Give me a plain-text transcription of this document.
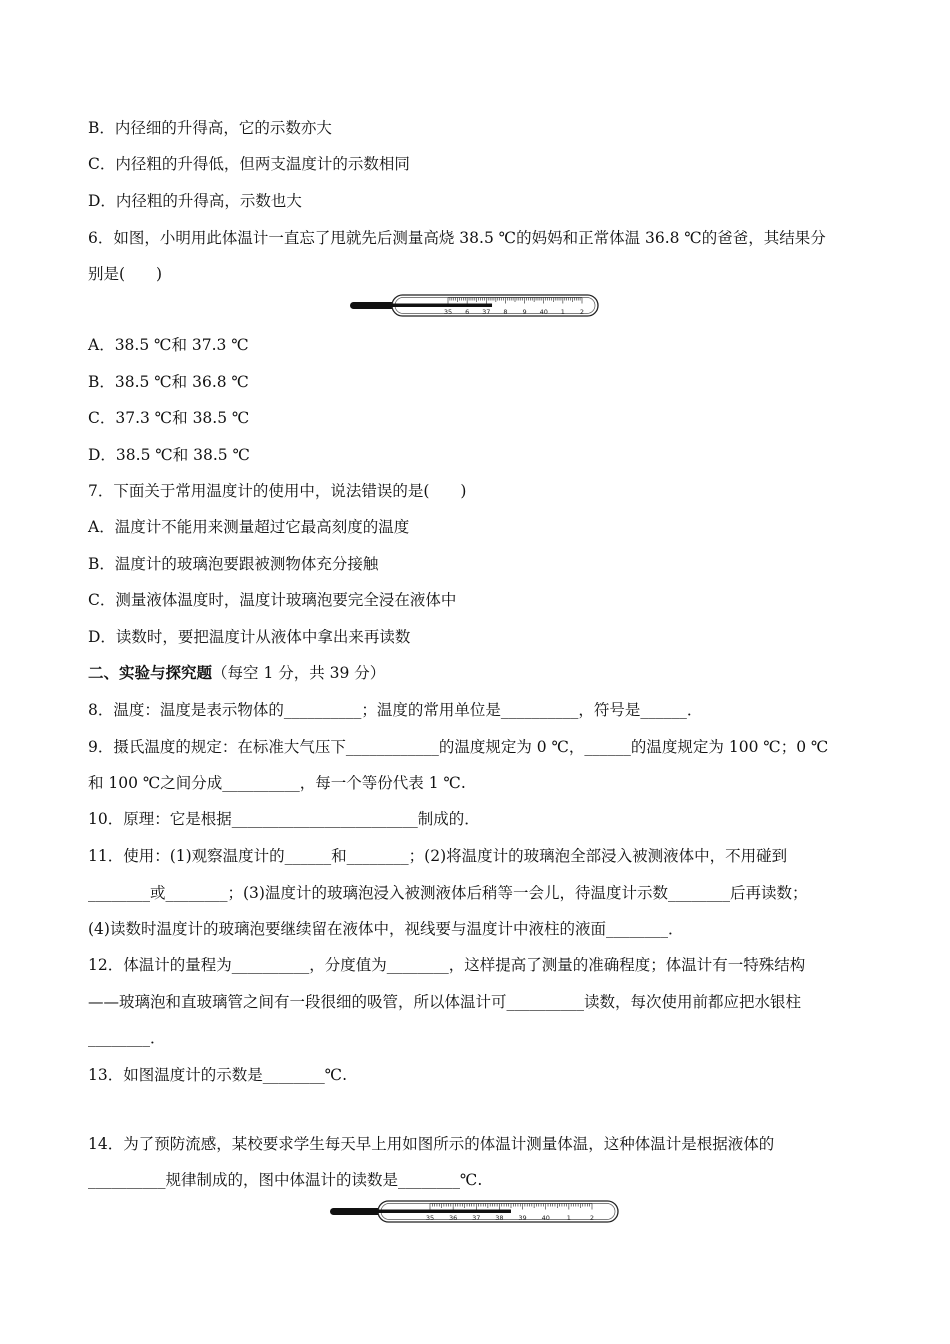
B．内径细的升得高，它的示数亦大
C．内径粗的升得低，但两支温度计的示数相同
D．内径粗的升得高，示数也大
6．如图，小明用此体温计一直忘了甩就先后测量高烧 38.5 ℃的妈妈和正常体温 36.8 ℃的爸爸，其结果分
别是(　　)
A．38.5 ℃和 37.3 ℃
B．38.5 ℃和 36.8 ℃
C．37.3 ℃和 38.5 ℃
D．38.5 ℃和 38.5 ℃
7．下面关于常用温度计的使用中，说法错误的是(　　)
A．温度计不能用来测量超过它最高刻度的温度
B．温度计的玻璃泡要跟被测物体充分接触
C．测量液体温度时，温度计玻璃泡要完全浸在液体中
D．读数时，要把温度计从液体中拿出来再读数
8．温度：温度是表示物体的__________；温度的常用单位是__________，符号是______．
9．摄氏温度的规定：在标准大气压下____________的温度规定为 0 ℃，______的温度规定为 100 ℃；0 ℃
和 100 ℃之间分成__________，每一个等份代表 1 ℃.
10．原理：它是根据________________________制成的．
11．使用：(1)观察温度计的______和________；(2)将温度计的玻璃泡全部浸入被测液体中，不用碰到
________或________；(3)温度计的玻璃泡浸入被测液体后稍等一会儿，待温度计示数________后再读数；
(4)读数时温度计的玻璃泡要继续留在液体中，视线要与温度计中液柱的液面________．
12．体温计的量程为__________，分度值为________，这样提高了测量的准确程度；体温计有一特殊结构
——玻璃泡和直玻璃管之间有一段很细的吸管，所以体温计可__________读数，每次使用前都应把水银柱
________．
13．如图温度计的示数是________℃.
14．为了预防流感，某校要求学生每天早上用如图所示的体温计测量体温，这种体温计是根据液体的
__________规律制成的，图中体温计的读数是________℃.
二、实验与探究题（每空 1 分，共 39 分）
35 6 37 8 9 40 1 2
35 36 37 38 39 40	1	2
